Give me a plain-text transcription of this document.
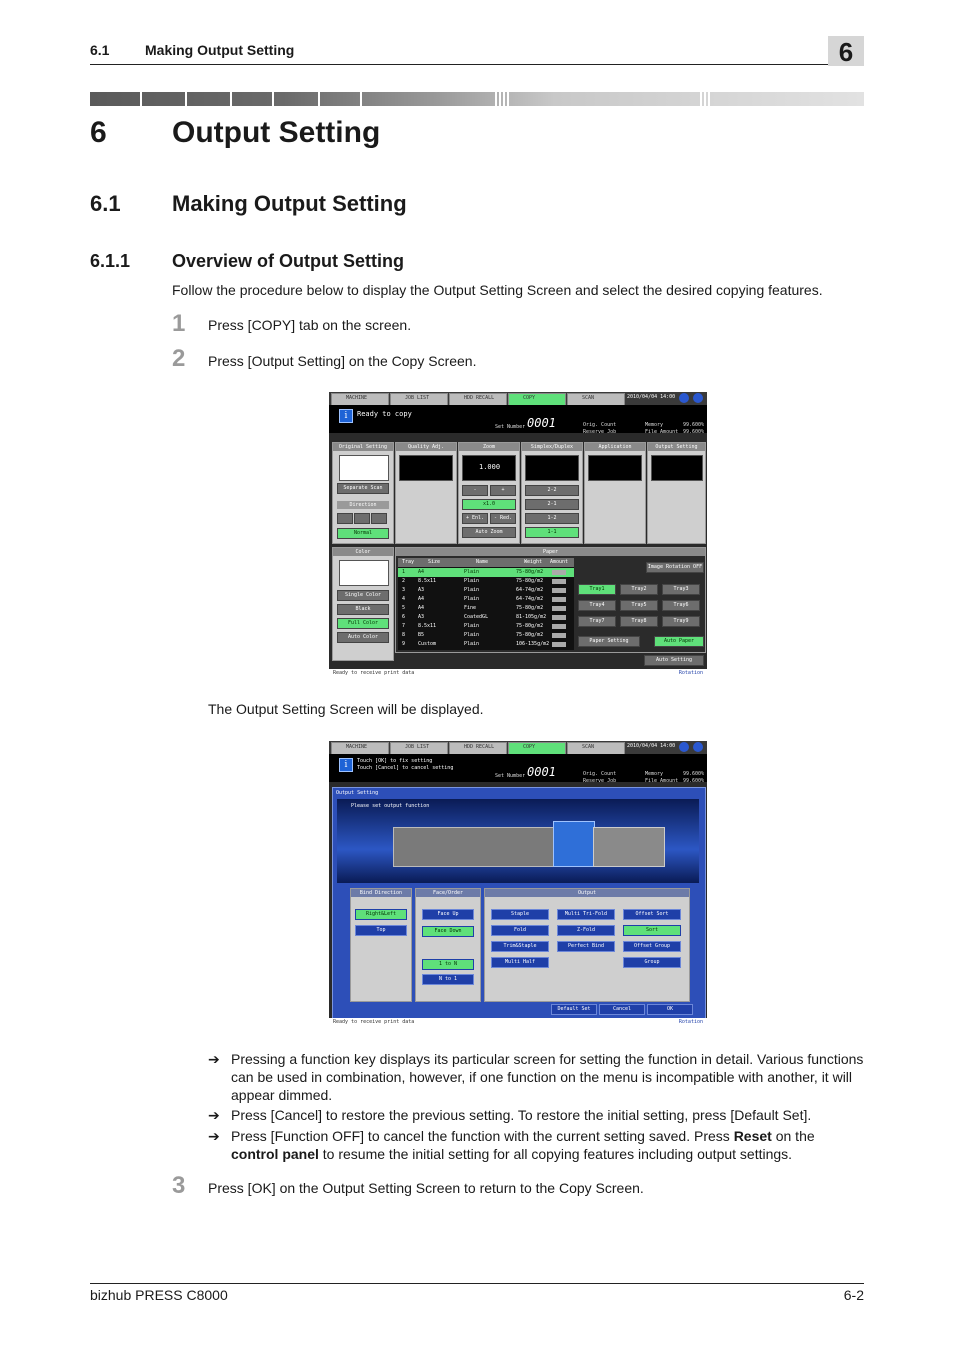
6.1	Making Output Setting	6
6 Output Setting
6.1 Making Output Setting
6.1.1 Overview of Output Setting
Follow the procedure below to display the Output Setting Screen and select the desired copying features.
1 Press [COPY] tab on the screen.
2 Press [Output Setting] on the Copy Screen.
MACHINE	JOB LIST	HDD RECALL	COPY	SCAN	2010/04/04 14:00
i	Ready to copy
Set Number 0001	Orig. Count
Reserve Job
Memory	99.600%
File Amount 99.600%
Original Setting
Separate Scan
Direction
Normal
Quality Adj.	Zoom
1.000
-	+
x1.0
+ Enl.	- Red.
Auto Zoom
Simplex/Duplex
2-2
2-1
1-2
1-1
Application	Output Setting
Color
Single Color
Black
Full Color
Auto Color
Paper
Tray	Size	Name	Weight Amount
1	A4	Plain	75-80g/m2
2	8.5x11	Plain	75-80g/m2
3	A3	Plain	64-74g/m2
4	A4	Plain	64-74g/m2
5	A4	Fine	75-80g/m2
6	A3	CoatedGL	81-105g/m2
7	8.5x11	Plain	75-80g/m2
8	B5	Plain	75-80g/m2
9	Custom	Plain	106-135g/m2
Image Rotation OFF
Tray1	Tray2	Tray3
Tray4	Tray5	Tray6
Tray7	Tray8	Tray9
Paper Setting	Auto Paper
Auto Setting
Ready to receive print data	Rotation
The Output Setting Screen will be displayed.
MACHINE	JOB LIST	HDD RECALL	COPY	SCAN	2010/04/04 14:00
i	Touch [OK] to fix setting
Touch [Cancel] to cancel setting
Set Number 0001	Orig. Count
Reserve Job
Memory	99.600%
File Amount 99.600%
Output Setting
Please set output function
Bind Direction
Right&Left
Top
Face/Order
Face Up
Face Down
1 to N
N to 1
Output
Staple
Fold
Trim&Staple
Multi Half
Multi Tri-Fold
Z-Fold
Perfect Bind
Offset Sort
Sort
Offset Group
Group
Default Set	Cancel	OK
Ready to receive print data	Rotation
➔ Pressing a function key displays its particular screen for setting the function in detail. Various functions can be used in combination, however, if one function on the menu is incompatible with another, it will appear dimmed.
➔ Press [Cancel] to restore the previous setting. To restore the initial setting, press [Default Set].
➔ Press [Function OFF] to cancel the function with the current setting saved. Press Reset on the control panel to resume the initial setting for all copying features including output settings.
3 Press [OK] on the Output Setting Screen to return to the Copy Screen.
bizhub PRESS C8000	6-2
